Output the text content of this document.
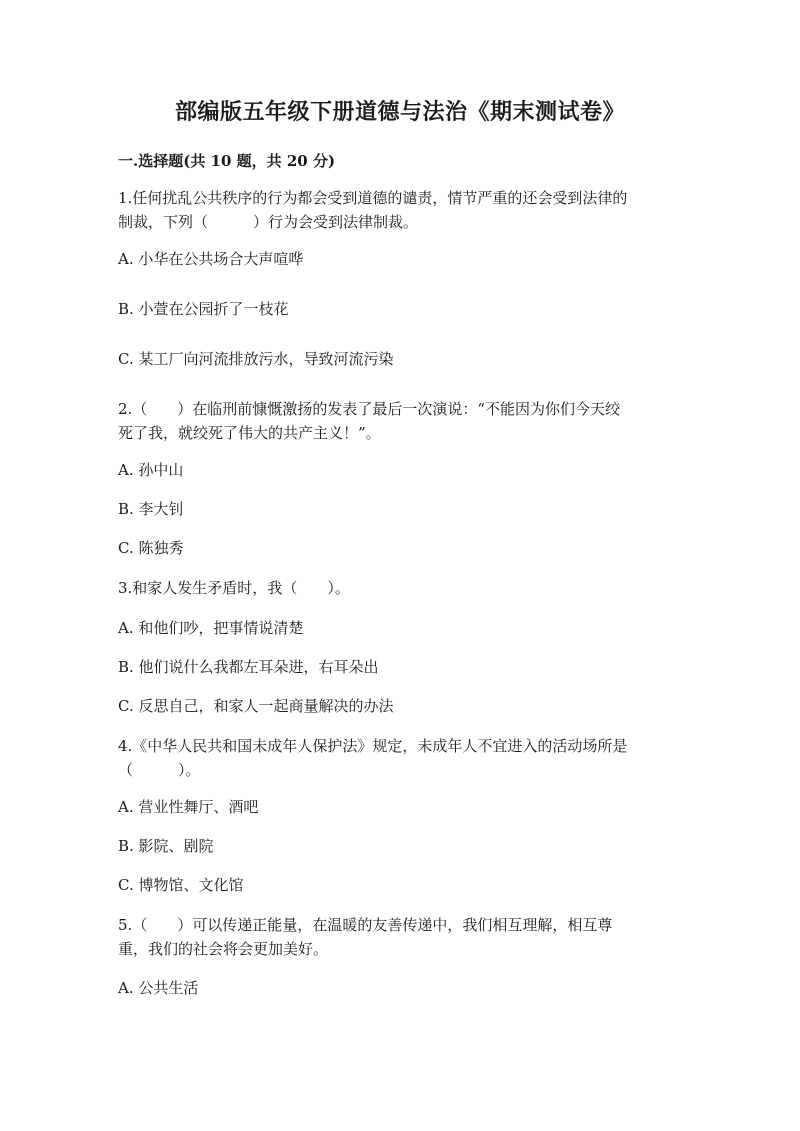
部编版五年级下册道德与法治《期末测试卷》
一.选择题(共 10 题，共 20 分)

1.任何扰乱公共秩序的行为都会受到道德的谴责，情节严重的还会受到法律的

制裁，下列（　　　）行为会受到法律制裁。

A. 小华在公共场合大声喧哗

B. 小萱在公园折了一枝花

C. 某工厂向河流排放污水，导致河流污染

2.（　　）在临刑前慷慨激扬的发表了最后一次演说：“不能因为你们今天绞

死了我，就绞死了伟大的共产主义！”。

A. 孙中山

B. 李大钊

C. 陈独秀

3.和家人发生矛盾时，我（　　）。

A. 和他们吵，把事情说清楚

B. 他们说什么我都左耳朵进，右耳朵出

C. 反思自己，和家人一起商量解决的办法

4.《中华人民共和国未成年人保护法》规定，未成年人不宜进入的活动场所是

（　　　）。

A. 营业性舞厅、酒吧

B. 影院、剧院

C. 博物馆、文化馆

5.（　　）可以传递正能量，在温暖的友善传递中，我们相互理解，相互尊

重，我们的社会将会更加美好。

A. 公共生活
